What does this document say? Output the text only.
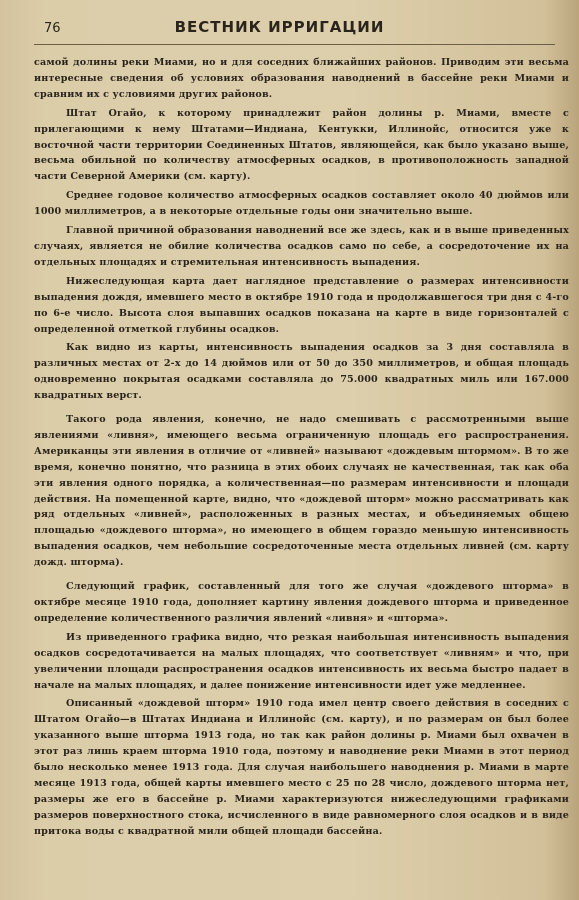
76	ВЕСТНИК ИРРИГАЦИИ

самой долины реки Миами, но и для соседних ближайших районов. Приводим эти весьма интересные сведения об условиях образования наводнений в бассейне реки Миами и сравним их с условиями других районов.

Штат Огайо, к которому принадлежит район долины р. Миами, вместе с прилегающими к нему Штатами—Индиана, Кентукки, Иллинойс, относится уже к восточной части территории Соединенных Штатов, являющейся, как было указано выше, весьма обильной по количеству атмосферных осадков, в противоположность западной части Северной Америки (см. карту).

Среднее годовое количество атмосферных осадков составляет около 40 дюймов или 1000 миллиметров, а в некоторые отдельные годы они значительно выше.

Главной причиной образования наводнений все же здесь, как и в выше приведенных случаях, является не обилие количества осадков само по себе, а сосредоточение их на отдельных площадях и стремительная интенсивность выпадения.

Нижеследующая карта дает наглядное представление о размерах интенсивности выпадения дождя, имевшего место в октябре 1910 года и продолжавшегося три дня с 4-го по 6-е число. Высота слоя выпавших осадков показана на карте в виде горизонталей с определенной отметкой глубины осадков.

Как видно из карты, интенсивность выпадения осадков за 3 дня составляла в различных местах от 2-х до 14 дюймов или от 50 до 350 миллиметров, и общая площадь одновременно покрытая осадками составляла до 75.000 квадратных миль или 167.000 квадратных верст.

Такого рода явления, конечно, не надо смешивать с рассмотренными выше явлениями «ливня», имеющего весьма ограниченную площадь его распространения. Американцы эти явления в отличие от «ливней» называют «дождевым штормом». В то же время, конечно понятно, что разница в этих обоих случаях не качественная, так как оба эти явления одного порядка, а количественная—по размерам интенсивности и площади действия. На помещенной карте, видно, что «дождевой шторм» можно рассматривать как ряд отдельных «ливней», расположенных в разных местах, и объединяемых общею площадью «дождевого шторма», но имеющего в общем гораздо меньшую интенсивность выпадения осадков, чем небольшие сосредоточенные места отдельных ливней (см. карту дожд. шторма).

Следующий график, составленный для того же случая «дождевого шторма» в октябре месяце 1910 года, дополняет картину явления дождевого шторма и приведенное определение количественного различия явлений «ливня» и «шторма».

Из приведенного графика видно, что резкая наибольшая интенсивность выпадения осадков сосредотачивается на малых площадях, что соответствует «ливням» и что, при увеличении площади распространения осадков интенсивность их весьма быстро падает в начале на малых площадях, и далее понижение интенсивности идет уже медленнее.

Описанный «дождевой шторм» 1910 года имел центр своего действия в соседних с Штатом Огайо—в Штатах Индиана и Иллинойс (см. карту), и по размерам он был более указанного выше шторма 1913 года, но так как район долины р. Миами был охвачен в этот раз лишь краем шторма 1910 года, поэтому и наводнение реки Миами в этот период было несколько менее 1913 года. Для случая наибольшего наводнения р. Миами в марте месяце 1913 года, общей карты имевшего место с 25 по 28 число, дождевого шторма нет, размеры же его в бассейне р. Миами характеризуются нижеследующими графиками размеров поверхностного стока, исчисленного в виде равномерного слоя осадков и в виде притока воды с квадратной мили общей площади бассейна.
